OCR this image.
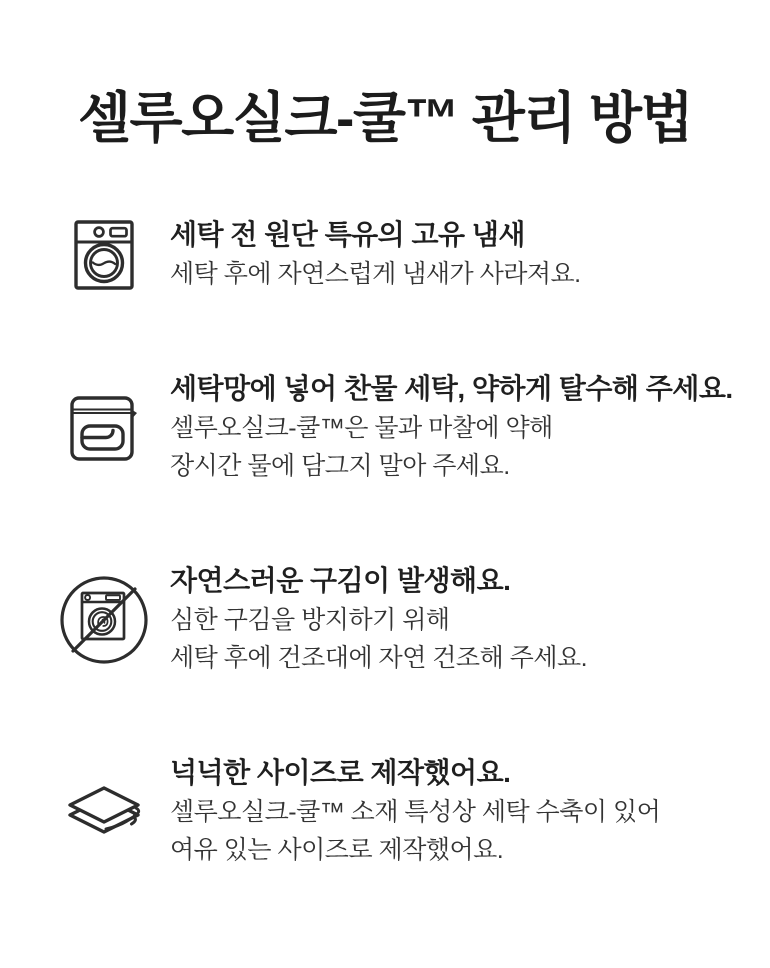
셀루오실크-쿨™ 관리 방법
세탁 전 원단 특유의 고유 냄새
세탁 후에 자연스럽게 냄새가 사라져요.
세탁망에 넣어 찬물 세탁, 약하게 탈수해 주세요.
셀루오실크-쿨™은 물과 마찰에 약해
장시간 물에 담그지 말아 주세요.
자연스러운 구김이 발생해요.
심한 구김을 방지하기 위해
세탁 후에 건조대에 자연 건조해 주세요.
넉넉한 사이즈로 제작했어요.
셀루오실크-쿨™ 소재 특성상 세탁 수축이 있어
여유 있는 사이즈로 제작했어요.
